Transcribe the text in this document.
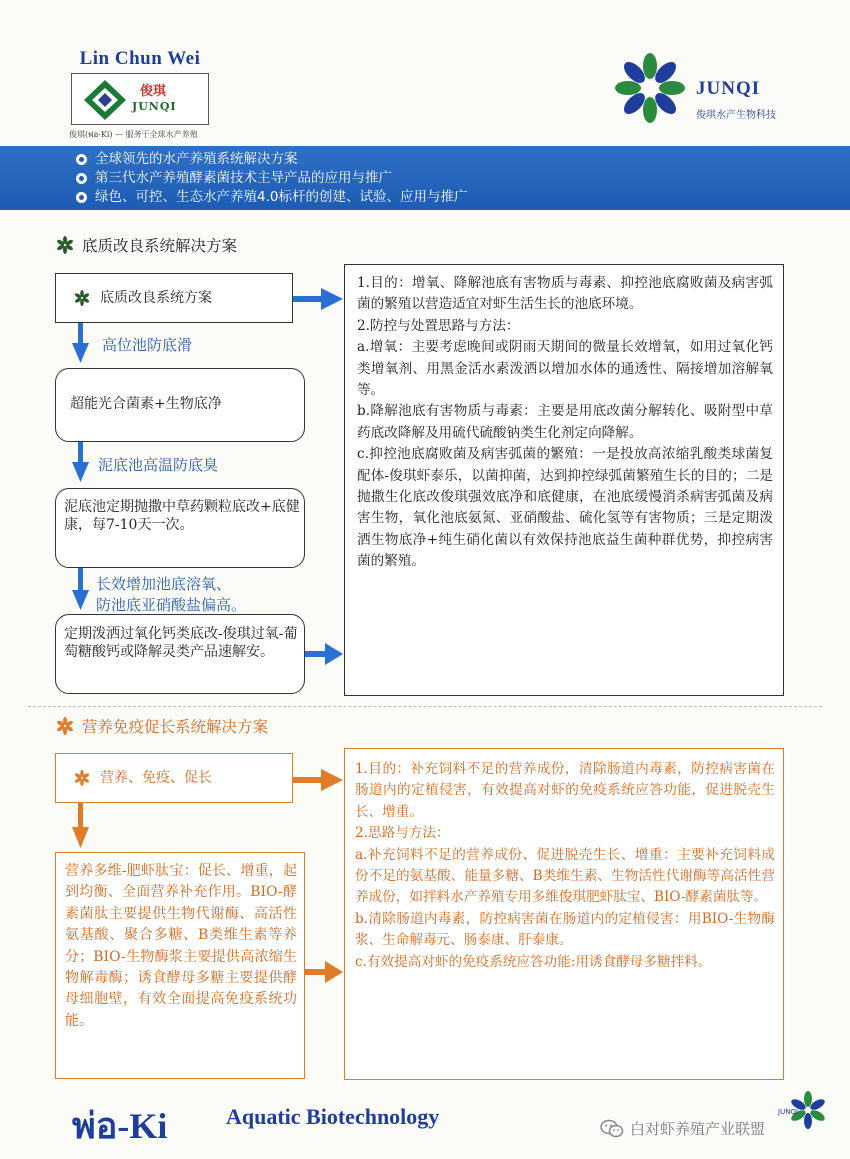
Lin Chun Wei
俊琪
JUNQI
俊琪(พ่อ-Ki) — 服务于全球水产养殖
JUNQI
俊琪水产生物科技
全球领先的水产养殖系统解决方案
第三代水产养殖酵素菌技术主导产品的应用与推广
绿色、可控、生态水产养殖4.0标杆的创建、试验、应用与推广
底质改良系统解决方案
底质改良系统方案
高位池防底滑
超能光合菌素+生物底净
泥底池高温防底臭
泥底池定期抛撒中草药颗粒底改+底健康，每7-10天一次。
长效增加池底溶氧、
防池底亚硝酸盐偏高。
定期泼洒过氧化钙类底改-俊琪过氧-葡萄糖酸钙或降解灵类产品速解安。
1.目的：增氧、降解池底有害物质与毒素、抑控池底腐败菌及病害弧菌的繁殖以营造适宜对虾生活生长的池底环境。
2.防控与处置思路与方法：
a.增氧：主要考虑晚间或阴雨天期间的微量长效增氧，如用过氧化钙类增氧剂、用黑金活水素泼洒以增加水体的通透性、隔接增加溶解氧等。
b.降解池底有害物质与毒素：主要是用底改菌分解转化、吸附型中草药底改降解及用硫代硫酸钠类生化剂定向降解。
c.抑控池底腐败菌及病害弧菌的繁殖：一是投放高浓缩乳酸类球菌复配体-俊琪虾泰乐，以菌抑菌，达到抑控绿弧菌繁殖生长的目的；二是抛撒生化底改俊琪强效底净和底健康，在池底缓慢消杀病害弧菌及病害生物，氧化池底氨氮、亚硝酸盐、硫化氢等有害物质；三是定期泼洒生物底净+纯生硝化菌以有效保持池底益生菌种群优势，抑控病害菌的繁殖。
营养免疫促长系统解决方案
营养、免疫、促长
营养多维-肥虾肽宝：促长、增重，起到均衡、全面营养补充作用。BIO-酵素菌肽主要提供生物代谢酶、高活性氨基酸、聚合多糖、B类维生素等养分；BIO-生物酶浆主要提供高浓缩生物解毒酶；诱食酵母多糖主要提供酵母细胞壁，有效全面提高免疫系统功能。
1.目的：补充饲料不足的营养成份，清除肠道内毒素，防控病害菌在肠道内的定植侵害，有效提高对虾的免疫系统应答功能，促进脱壳生长、增重。
2.思路与方法：
a.补充饲料不足的营养成份、促进脱壳生长、增重：主要补充饲料成份不足的氨基酸、能量多糖、B类维生素、生物活性代谢酶等高活性营养成份，如拌料水产养殖专用多维俊琪肥虾肽宝、BIO-酵素菌肽等。
b.清除肠道内毒素，防控病害菌在肠道内的定植侵害：用BIO-生物酶浆、生命解毒元、肠泰康、肝泰康。
c.有效提高对虾的免疫系统应答功能:用诱食酵母多糖拌料。
พ่อ-Ki	Aquatic Biotechnology	JUNQI
白对虾养殖产业联盟
